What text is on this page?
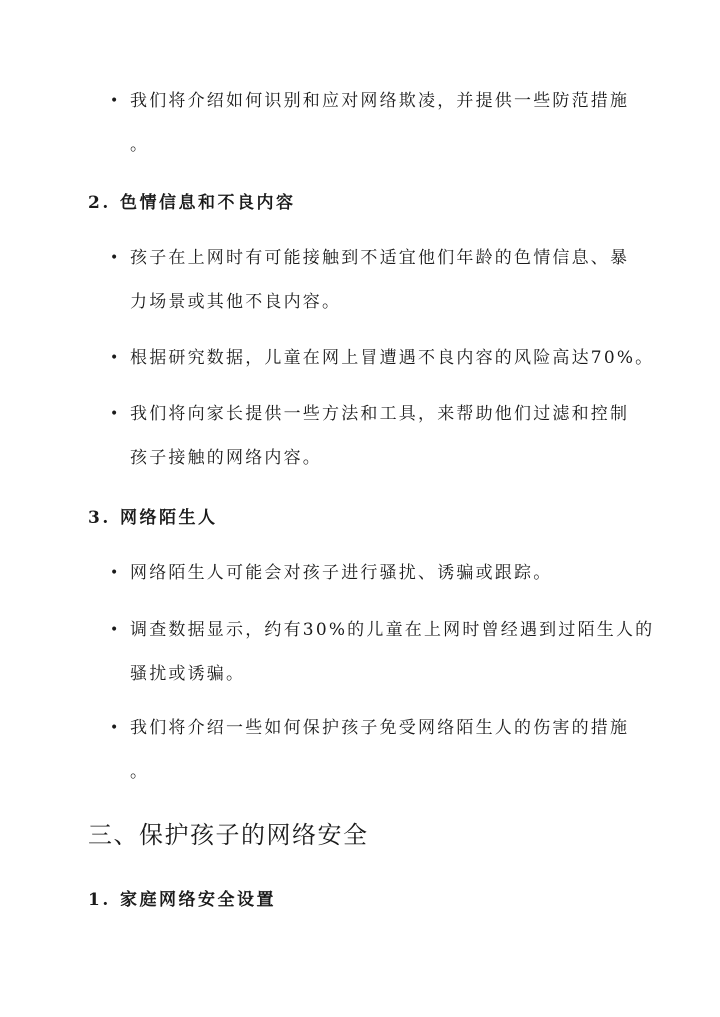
• 我们将介绍如何识别和应对网络欺凌，并提供一些防范措施
。
2. 色情信息和不良内容
• 孩子在上网时有可能接触到不适宜他们年龄的色情信息、暴
力场景或其他不良内容。
• 根据研究数据，儿童在网上冒遭遇不良内容的风险高达70%。
• 我们将向家长提供一些方法和工具，来帮助他们过滤和控制
孩子接触的网络内容。
3. 网络陌生人
• 网络陌生人可能会对孩子进行骚扰、诱骗或跟踪。
• 调查数据显示，约有30%的儿童在上网时曾经遇到过陌生人的
骚扰或诱骗。
• 我们将介绍一些如何保护孩子免受网络陌生人的伤害的措施
。
三、保护孩子的网络安全
1. 家庭网络安全设置
